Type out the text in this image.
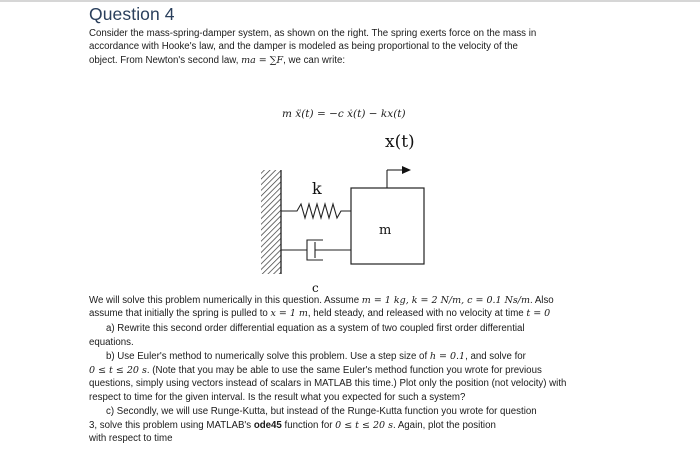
Question 4
Consider the mass-spring-damper system, as shown on the right. The spring exerts force on the mass in
accordance with Hooke's law, and the damper is modeled as being proportional to the velocity of the
object. From Newton's second law, ma = ∑F, we can write:
m ẍ(t) = −c ẋ(t) − kx(t)
k
c
m
x(t)
We will solve this problem numerically in this question. Assume m = 1 kg, k = 2 N/m, c = 0.1 Ns/m. Also
assume that initially the spring is pulled to x = 1 m, held steady, and released with no velocity at time t = 0
a) Rewrite this second order differential equation as a system of two coupled first order differential
equations.
b) Use Euler's method to numerically solve this problem. Use a step size of h = 0.1, and solve for
0 ≤ t ≤ 20 s. (Note that you may be able to use the same Euler's method function you wrote for previous
questions, simply using vectors instead of scalars in MATLAB this time.) Plot only the position (not velocity) with
respect to time for the given interval. Is the result what you expected for such a system?
c) Secondly, we will use Runge-Kutta, but instead of the Runge-Kutta function you wrote for question
3, solve this problem using MATLAB's ode45 function for 0 ≤ t ≤ 20 s. Again, plot the position
with respect to time
